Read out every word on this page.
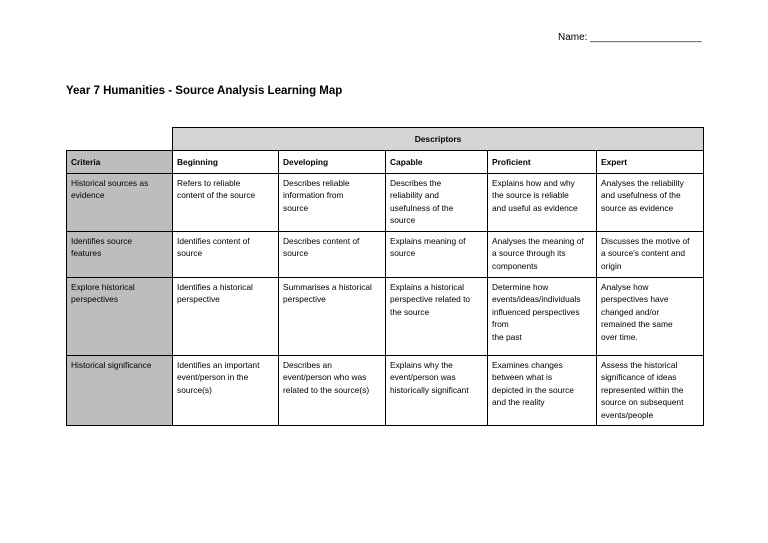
Name: ____________________
Year 7 Humanities - Source Analysis Learning Map
	Descriptors				
Criteria	Beginning	Developing	Capable	Proficient	Expert
Historical sources as
evidence	Refers to reliable
content of the source	Describes reliable
information from
source	Describes the
reliability and
usefulness of the
source	Explains how and why
the source is reliable
and useful as evidence	Analyses the reliability
and usefulness of the
source as evidence
Identifies source
features	Identifies content of
source	Describes content of
source	Explains meaning of
source	Analyses the meaning of
a source through its
components	Discusses the motive of
a source's content and
origin
Explore historical
perspectives	Identifies a historical
perspective	Summarises a historical
perspective	Explains a historical
perspective related to
the source	Determine how
events/ideas/individuals
influenced perspectives
from
the past	Analyse how
perspectives have
changed and/or
remained the same
over time.
Historical significance	Identifies an important
event/person in the
source(s)	Describes an
event/person who was
related to the source(s)	Explains why the
event/person was
historically significant	Examines changes
between what is
depicted in the source
and the reality	Assess the historical
significance of ideas
represented within the
source on subsequent
events/people
